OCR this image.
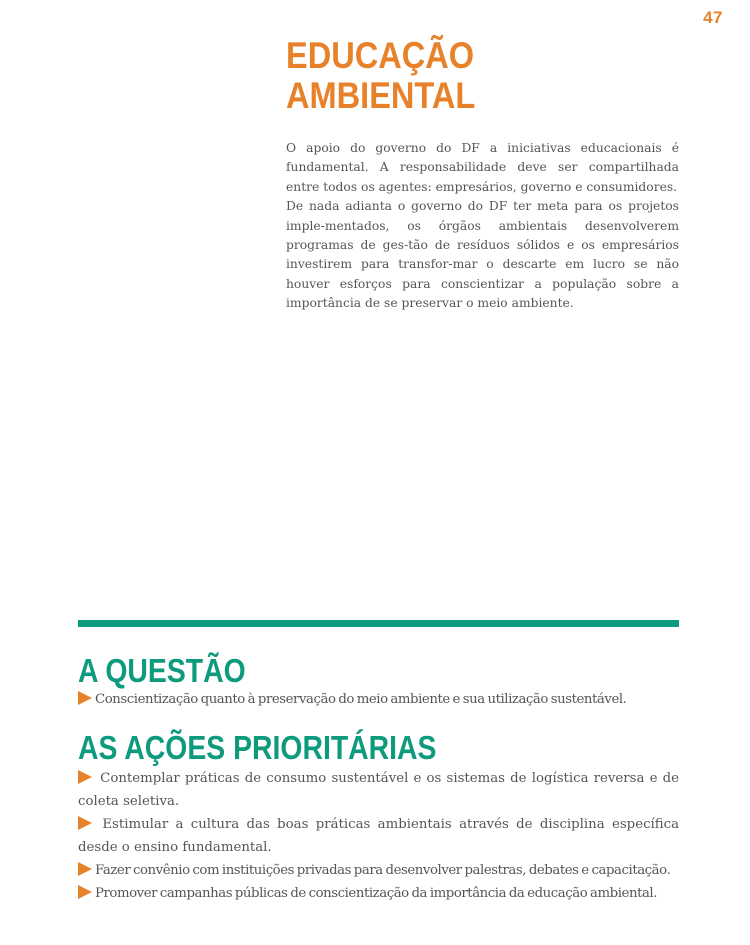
47
EDUCAÇÃO
AMBIENTAL

O apoio do governo do DF a iniciativas educacionais é fundamental. A responsabilidade deve ser compartilhada entre todos os agentes: empresários, governo e consumidores.

De nada adianta o governo do DF ter meta para os projetos imple-mentados, os órgãos ambientais desenvolverem programas de ges-tão de resíduos sólidos e os empresários investirem para transfor-mar o descarte em lucro se não houver esforços para conscientizar a população sobre a importância de se preservar o meio ambiente.

A QUESTÃO
Conscientização quanto à preservação do meio ambiente e sua utilização sustentável.
AS AÇÕES PRIORITÁRIAS
Contemplar práticas de consumo sustentável e os sistemas de logística reversa e de coleta seletiva.
Estimular a cultura das boas práticas ambientais através de disciplina específica desde o ensino fundamental.
Fazer convênio com instituições privadas para desenvolver palestras, debates e capacitação.
Promover campanhas públicas de conscientização da importância da educação ambiental.
